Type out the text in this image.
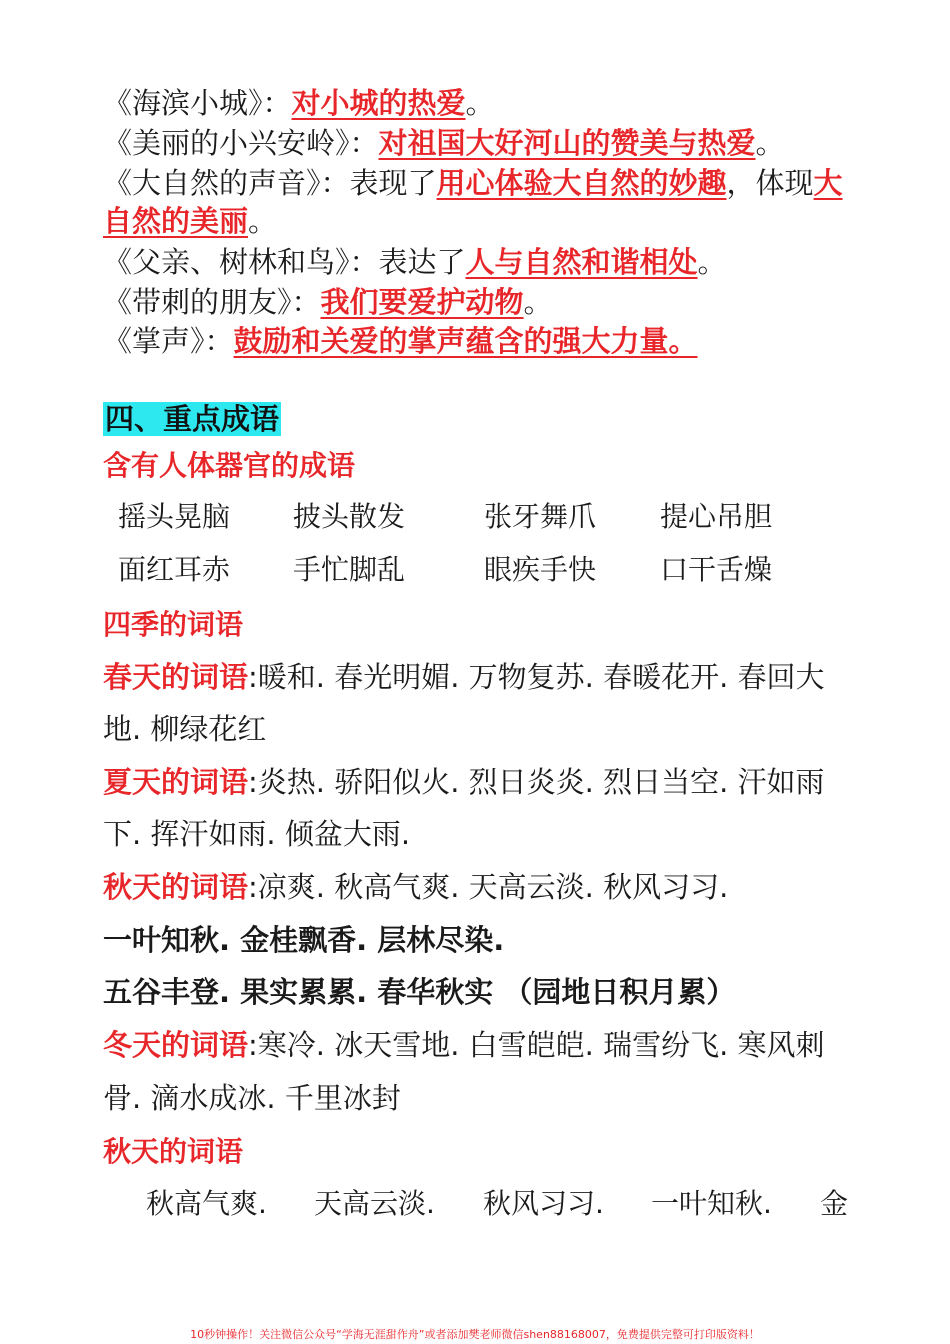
《海滨小城》：对小城的热爱。
《美丽的小兴安岭》：对祖国大好河山的赞美与热爱。
《大自然的声音》：表现了用心体验大自然的妙趣，体现大
自然的美丽。
《父亲、树林和鸟》：表达了人与自然和谐相处。
《带刺的朋友》：我们要爱护动物。
《掌声》：鼓励和关爱的掌声蕴含的强大力量。
四、重点成语
含有人体器官的成语
摇头晃脑 披头散发	张牙舞爪 提心吊胆
面红耳赤 手忙脚乱	眼疾手快 口干舌燥
四季的词语
春天的词语:暖和. 春光明媚. 万物复苏. 春暖花开. 春回大
地. 柳绿花红
夏天的词语:炎热. 骄阳似火. 烈日炎炎. 烈日当空. 汗如雨
下. 挥汗如雨. 倾盆大雨.
秋天的词语:凉爽. 秋高气爽. 天高云淡. 秋风习习.
一叶知秋. 金桂飘香. 层林尽染.
五谷丰登. 果实累累. 春华秋实 （园地日积月累）
冬天的词语:寒冷. 冰天雪地. 白雪皑皑. 瑞雪纷飞. 寒风刺
骨. 滴水成冰. 千里冰封
秋天的词语
秋高气爽. 天高云淡. 秋风习习. 一叶知秋. 金
10秒钟操作！关注微信公众号“学海无涯甜作舟”或者添加樊老师微信shen88168007，免费提供完整可打印版资料！
